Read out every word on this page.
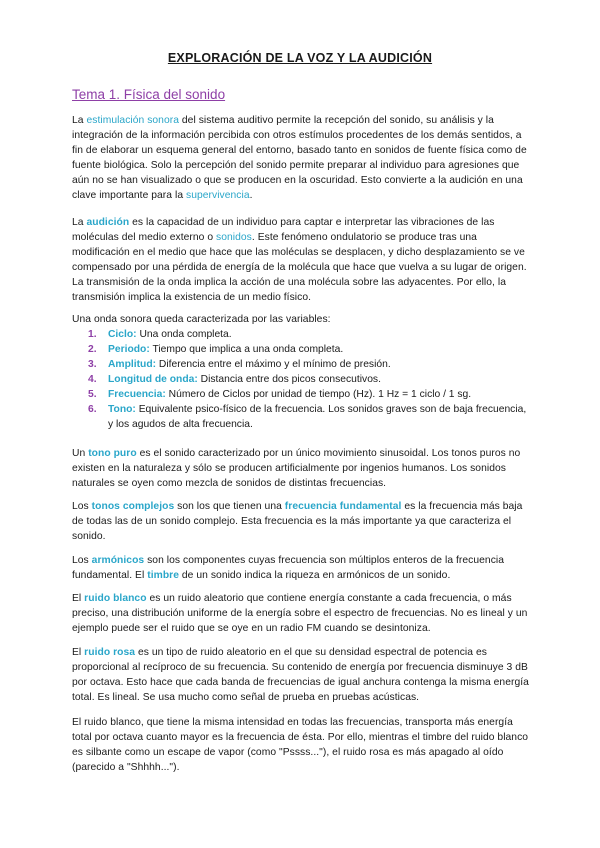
EXPLORACIÓN DE LA VOZ Y LA AUDICIÓN
Tema 1. Física del sonido

La estimulación sonora del sistema auditivo permite la recepción del sonido, su análisis y la integración de la información percibida con otros estímulos procedentes de los demás sentidos, a fin de elaborar un esquema general del entorno, basado tanto en sonidos de fuente física como de fuente biológica. Solo la percepción del sonido permite preparar al individuo para agresiones que aún no se han visualizado o que se producen en la oscuridad. Esto convierte a la audición en una clave importante para la supervivencia.

La audición es la capacidad de un individuo para captar e interpretar las vibraciones de las moléculas del medio externo o sonidos. Este fenómeno ondulatorio se produce tras una modificación en el medio que hace que las moléculas se desplacen, y dicho desplazamiento se ve compensado por una pérdida de energía de la molécula que hace que vuelva a su lugar de origen. La transmisión de la onda implica la acción de una molécula sobre las adyacentes. Por ello, la transmisión implica la existencia de un medio físico.

Una onda sonora queda caracterizada por las variables:

1. Ciclo: Una onda completa.
2. Periodo: Tiempo que implica a una onda completa.
3. Amplitud: Diferencia entre el máximo y el mínimo de presión.
4. Longitud de onda: Distancia entre dos picos consecutivos.
5. Frecuencia: Número de Ciclos por unidad de tiempo (Hz). 1 Hz = 1 ciclo / 1 sg.
6. Tono: Equivalente psico-físico de la frecuencia. Los sonidos graves son de baja frecuencia, y los agudos de alta frecuencia.

Un tono puro es el sonido caracterizado por un único movimiento sinusoidal. Los tonos puros no existen en la naturaleza y sólo se producen artificialmente por ingenios humanos. Los sonidos naturales se oyen como mezcla de sonidos de distintas frecuencias.

Los tonos complejos son los que tienen una frecuencia fundamental es la frecuencia más baja de todas las de un sonido complejo. Esta frecuencia es la más importante ya que caracteriza el sonido.

Los armónicos son los componentes cuyas frecuencia son múltiplos enteros de la frecuencia fundamental. El timbre de un sonido indica la riqueza en armónicos de un sonido.

El ruido blanco es un ruido aleatorio que contiene energía constante a cada frecuencia, o más preciso, una distribución uniforme de la energía sobre el espectro de frecuencias. No es lineal y un ejemplo puede ser el ruido que se oye en un radio FM cuando se desintoniza.

El ruido rosa es un tipo de ruido aleatorio en el que su densidad espectral de potencia es proporcional al recíproco de su frecuencia. Su contenido de energía por frecuencia disminuye 3 dB por octava. Esto hace que cada banda de frecuencias de igual anchura contenga la misma energía total. Es lineal. Se usa mucho como señal de prueba en pruebas acústicas.

El ruido blanco, que tiene la misma intensidad en todas las frecuencias, transporta más energía total por octava cuanto mayor es la frecuencia de ésta. Por ello, mientras el timbre del ruido blanco es silbante como un escape de vapor (como "Pssss..."), el ruido rosa es más apagado al oído (parecido a "Shhhh...").
